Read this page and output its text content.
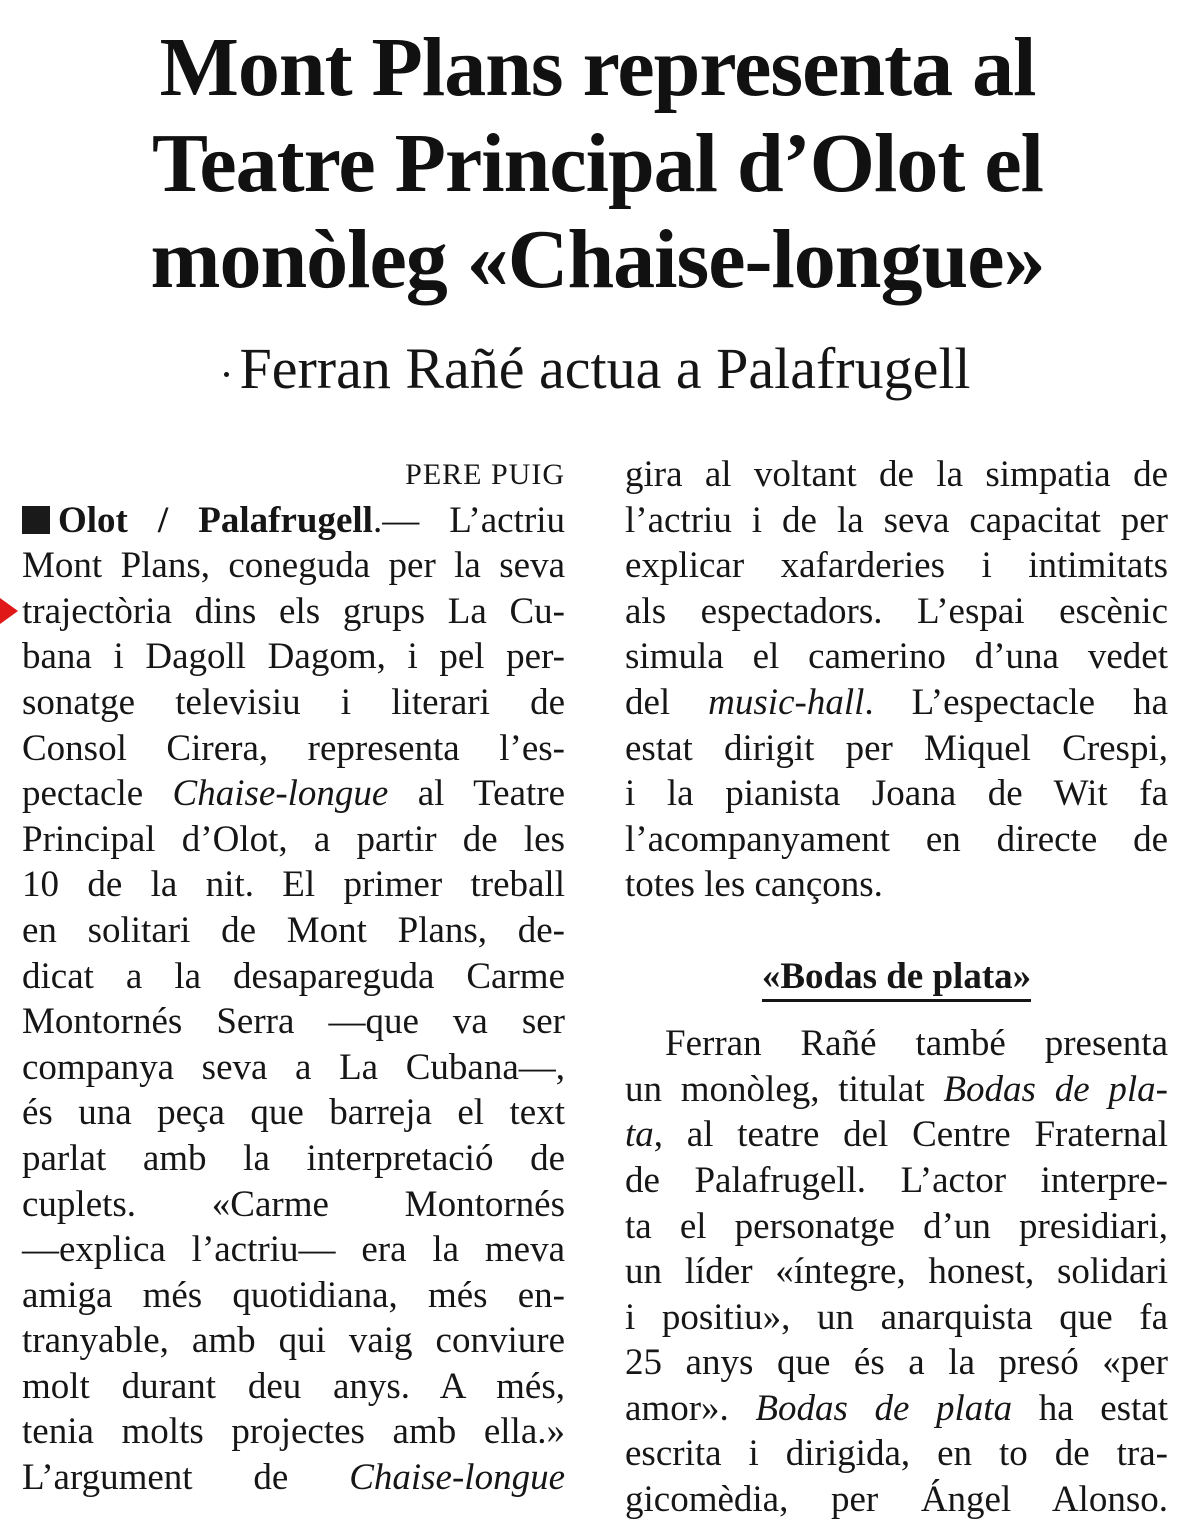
Mont Plans representa al
Teatre Principal d’Olot el
monòleg «Chaise-longue»
Ferran Rañé actua a Palafrugell
PERE PUIG
Olot / Palafrugell.— L’actriu
Mont Plans, coneguda per la seva
trajectòria dins els grups La Cu-
bana i Dagoll Dagom, i pel per-
sonatge televisiu i literari de
Consol Cirera, representa l’es-
pectacle Chaise-longue al Teatre
Principal d’Olot, a partir de les
10 de la nit. El primer treball
en solitari de Mont Plans, de-
dicat a la desapareguda Carme
Montornés Serra —que va ser
companya seva a La Cubana—,
és una peça que barreja el text
parlat amb la interpretació de
cuplets. «Carme Montornés
—explica l’actriu— era la meva
amiga més quotidiana, més en-
tranyable, amb qui vaig conviure
molt durant deu anys. A més,
tenia molts projectes amb ella.»
L’argument de Chaise-longue
gira al voltant de la simpatia de
l’actriu i de la seva capacitat per
explicar xafarderies i intimitats
als espectadors. L’espai escènic
simula el camerino d’una vedet
del music-hall. L’espectacle ha
estat dirigit per Miquel Crespi,
i la pianista Joana de Wit fa
l’acompanyament en directe de
totes les cançons.
«Bodas de plata»
Ferran Rañé també presenta
un monòleg, titulat Bodas de pla-
ta, al teatre del Centre Fraternal
de Palafrugell. L’actor interpre-
ta el personatge d’un presidiari,
un líder «íntegre, honest, solidari
i positiu», un anarquista que fa
25 anys que és a la presó «per
amor». Bodas de plata ha estat
escrita i dirigida, en to de tra-
gicomèdia, per Ángel Alonso.
